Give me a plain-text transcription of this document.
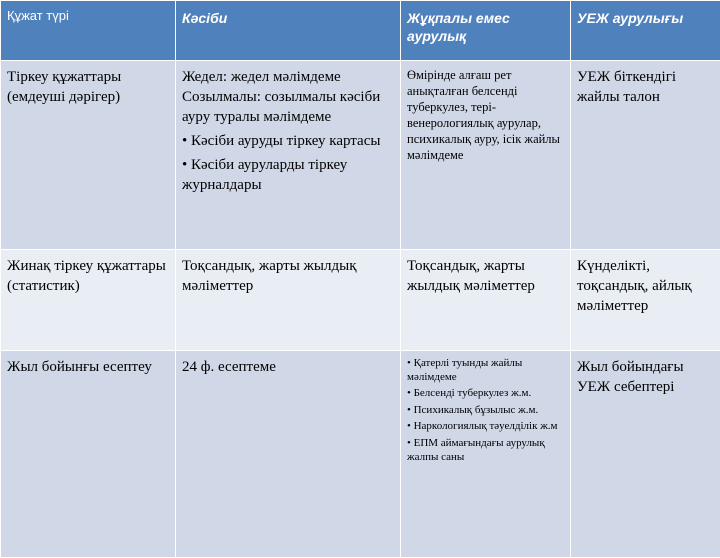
Құжат түрі	Кәсіби	Жұқпалы емес аурулық	УЕЖ аурулығы
Тіркеу құжаттары (емдеуші дәрігер)	Жедел: жедел мәлімдеме
Созылмалы: созылмалы кәсіби ауру туралы мәлімдеме
• Кәсіби ауруды тіркеу картасы
• Кәсіби ауруларды тіркеу журналдары	Өмірінде алғаш рет анықталған белсенді туберкулез, тері-венерологиялық аурулар, психикалық ауру, ісік жайлы мәлімдеме	УЕЖ біткендігі жайлы талон
Жинақ тіркеу құжаттары (статистик)	Тоқсандық, жарты жылдық мәліметтер	Тоқсандық, жарты жылдық мәліметтер	Күнделікті, тоқсандық, айлық мәліметтер
Жыл бойынғы есептеу	24 ф. есептеме	• Қатерлі туынды жайлы мәлімдеме
• Белсенді туберкулез ж.м.
• Психикалық бұзылыс ж.м.
• Наркологиялық тәуелділік ж.м
• ЕПМ аймағындағы аурулық жалпы саны	Жыл бойындағы УЕЖ себептері
